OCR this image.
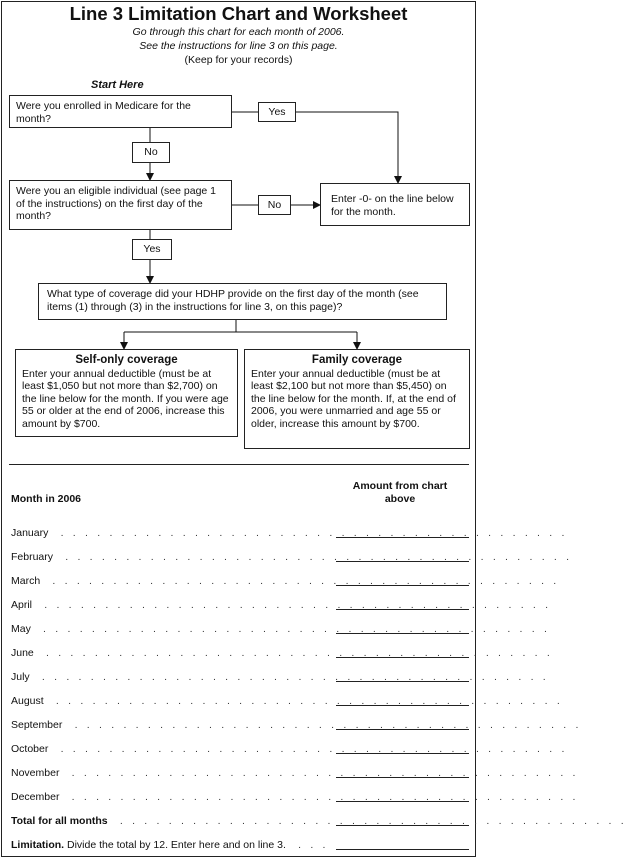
Line 3 Limitation Chart and Worksheet
Go through this chart for each month of 2006.
See the instructions for line 3 on this page.
(Keep for your records)
Start Here
Were you enrolled in Medicare for the month?
Yes
No
Were you an eligible individual (see page 1 of the instructions) on the first day of the month?
No	Enter -0- on the line below for the month.
Yes
What type of coverage did your HDHP provide on the first day of the month (see items (1) through (3) in the instructions for line 3, on this page)?
Self-only coverage
Enter your annual deductible (must be at least $1,050 but not more than $2,700) on the line below for the month. If you were age 55 or older at the end of 2006, increase this amount by $700.
Family coverage
Enter your annual deductible (must be at least $2,100 but not more than $5,450) on the line below for the month. If, at the end of 2006, you were unmarried and age 55 or older, increase this amount by $700.
Month in 2006
Amount from chart above
January ..........................................
February ..........................................
March ..........................................
April ..........................................
May ..........................................
June ..........................................
July ..........................................
August ..........................................
September ..........................................
October ..........................................
November ..........................................
December ..........................................
Total for all months ..........................................
Limitation. Divide the total by 12. Enter here and on line 3. ...
